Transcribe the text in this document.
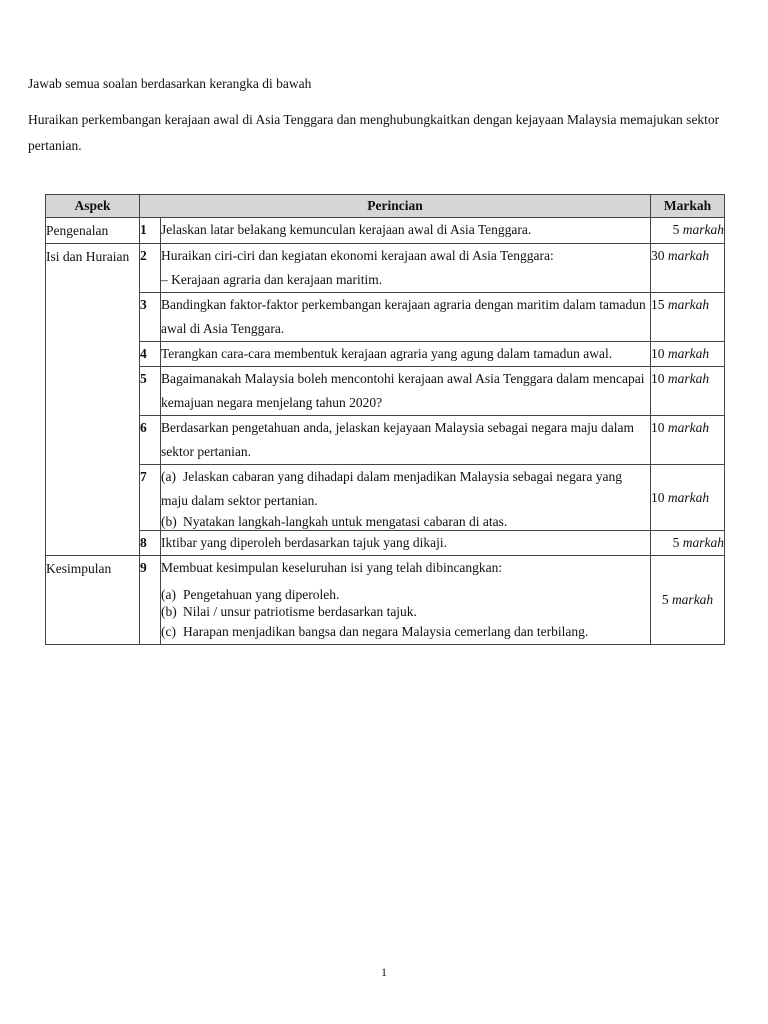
Jawab semua soalan berdasarkan kerangka di bawah
Huraikan perkembangan kerajaan awal di Asia Tenggara dan menghubungkaitkan dengan kejayaan Malaysia memajukan sektor pertanian.
Aspek	Perincian		Markah
Pengenalan	1	Jelaskan latar belakang kemunculan kerajaan awal di Asia Tenggara.	5 markah
Isi dan Huraian	2	Huraikan ciri-ciri dan kegiatan ekonomi kerajaan awal di Asia Tenggara:
– Kerajaan agraria dan kerajaan maritim.	30 markah
	3	Bandingkan faktor-faktor perkembangan kerajaan agraria dengan maritim dalam tamadun awal di Asia Tenggara.	15 markah
	4	Terangkan cara-cara membentuk kerajaan agraria yang agung dalam tamadun awal.	10 markah
	5	Bagaimanakah Malaysia boleh mencontohi kerajaan awal Asia Tenggara dalam mencapai kemajuan negara menjelang tahun 2020?	10 markah
	6	Berdasarkan pengetahuan anda, jelaskan kejayaan Malaysia sebagai negara maju dalam sektor pertanian.	10 markah
	7	(a) Jelaskan cabaran yang dihadapi dalam menjadikan Malaysia sebagai negara yang maju dalam sektor pertanian.
(b) Nyatakan langkah-langkah untuk mengatasi cabaran di atas.	10 markah
	8	Iktibar yang diperoleh berdasarkan tajuk yang dikaji.	5 markah
Kesimpulan	9	Membuat kesimpulan keseluruhan isi yang telah dibincangkan:
(a) Pengetahuan yang diperoleh.
(b) Nilai / unsur patriotisme berdasarkan tajuk.
(c) Harapan menjadikan bangsa dan negara Malaysia cemerlang dan terbilang.	5 markah
1
